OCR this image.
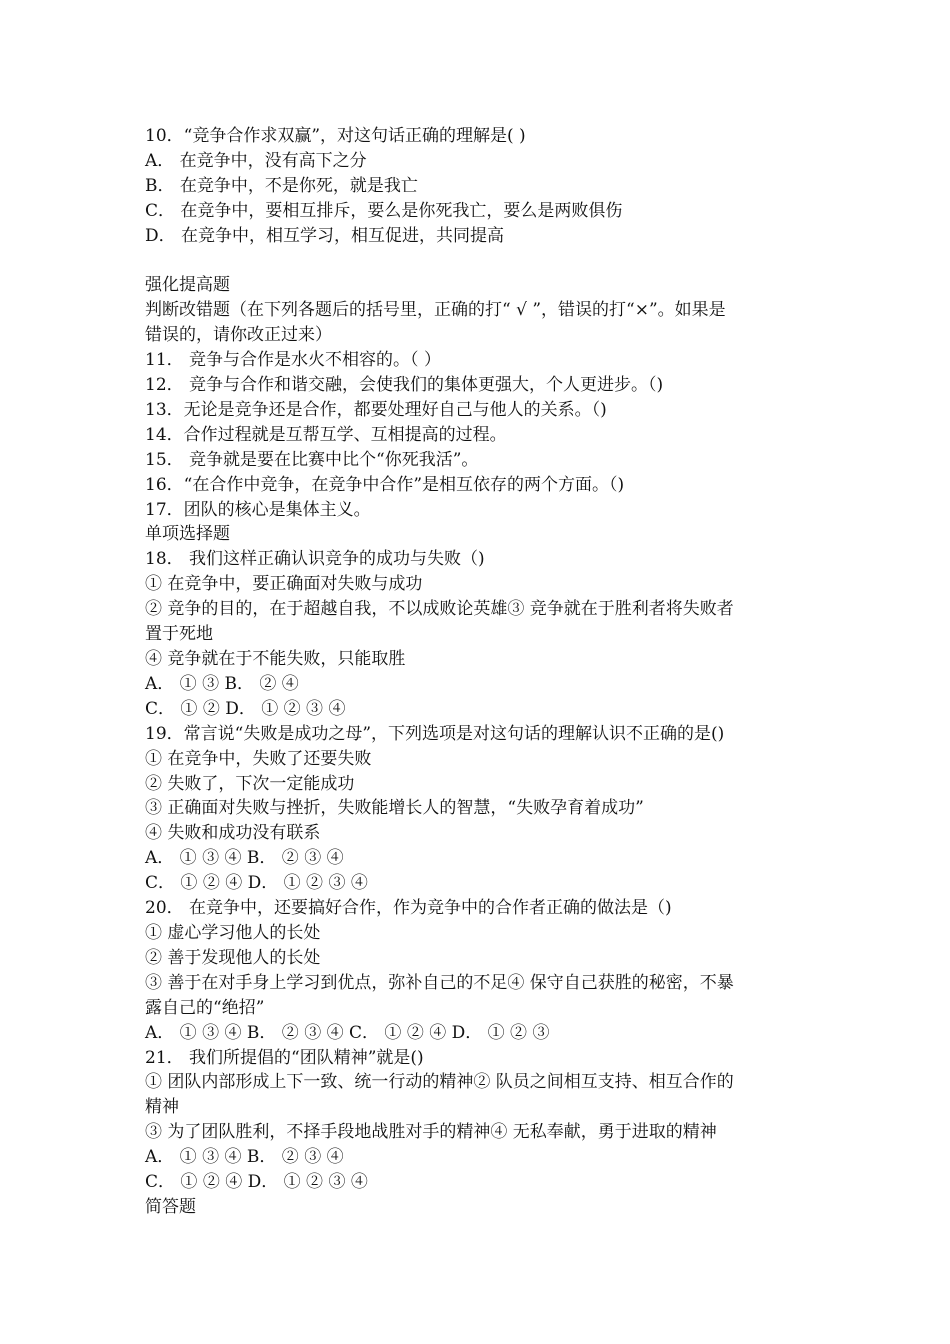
10．“竞争合作求双赢”，对这句话正确的理解是( )
A． 在竞争中，没有高下之分
B． 在竞争中，不是你死，就是我亡
C． 在竞争中，要相互排斥，要么是你死我亡，要么是两败俱伤
D． 在竞争中，相互学习，相互促进，共同提高
强化提高题
判断改错题（在下列各题后的括号里，正确的打“ √ ”，错误的打“×”。如果是
错误的，请你改正过来）
11． 竞争与合作是水火不相容的。（ ）
12． 竞争与合作和谐交融，会使我们的集体更强大，个人更进步。（)
13．无论是竞争还是合作，都要处理好自己与他人的关系。（)
14．合作过程就是互帮互学、互相提高的过程。
15． 竞争就是要在比赛中比个“你死我活”。
16．“在合作中竞争，在竞争中合作”是相互依存的两个方面。（)
17．团队的核心是集体主义。
单项选择题
18． 我们这样正确认识竞争的成功与失败（)
① 在竞争中，要正确面对失败与成功
② 竞争的目的，在于超越自我，不以成败论英雄③ 竞争就在于胜利者将失败者
置于死地
④ 竞争就在于不能失败，只能取胜
A． ① ③ B． ② ④
C． ① ② D． ① ② ③ ④
19．常言说“失败是成功之母”，下列选项是对这句话的理解认识不正确的是()
① 在竞争中，失败了还要失败
② 失败了，下次一定能成功
③ 正确面对失败与挫折，失败能增长人的智慧，“失败孕育着成功”
④ 失败和成功没有联系
A． ① ③ ④ B． ② ③ ④
C． ① ② ④ D． ① ② ③ ④
20． 在竞争中，还要搞好合作，作为竞争中的合作者正确的做法是（)
① 虚心学习他人的长处
② 善于发现他人的长处
③ 善于在对手身上学习到优点，弥补自己的不足④ 保守自己获胜的秘密，不暴
露自己的“绝招”
A． ① ③ ④ B． ② ③ ④ C． ① ② ④ D． ① ② ③
21． 我们所提倡的“团队精神”就是()
① 团队内部形成上下一致、统一行动的精神② 队员之间相互支持、相互合作的
精神
③ 为了团队胜利，不择手段地战胜对手的精神④ 无私奉献，勇于进取的精神
A． ① ③ ④ B． ② ③ ④
C． ① ② ④ D． ① ② ③ ④
简答题
